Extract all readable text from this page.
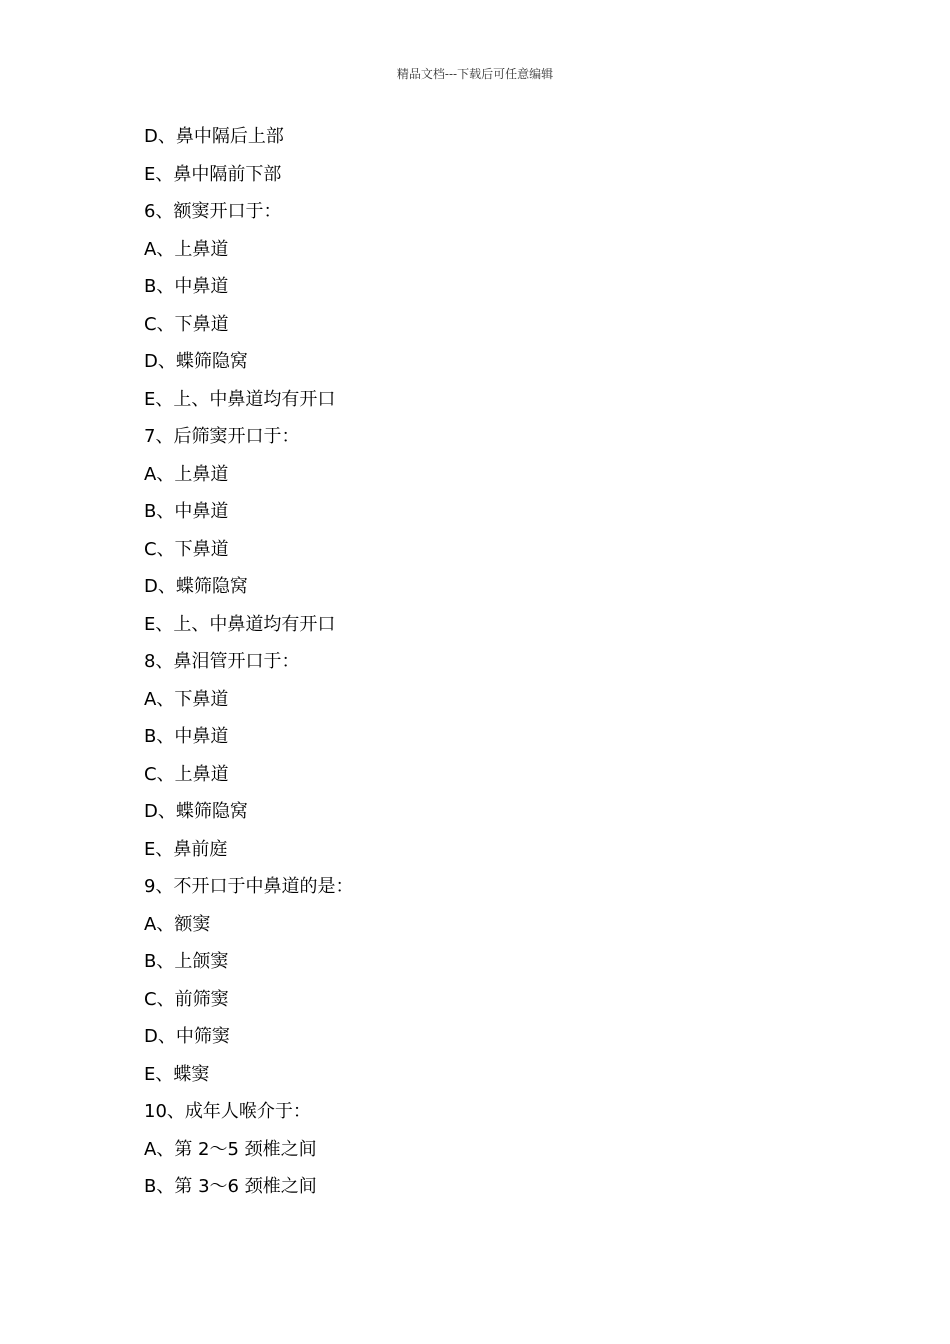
精品文档---下载后可任意编辑
D、鼻中隔后上部
E、鼻中隔前下部
6、额窦开口于：
A、上鼻道
B、中鼻道
C、下鼻道
D、蝶筛隐窝
E、上、中鼻道均有开口
7、后筛窦开口于：
A、上鼻道
B、中鼻道
C、下鼻道
D、蝶筛隐窝
E、上、中鼻道均有开口
8、鼻泪管开口于：
A、下鼻道
B、中鼻道
C、上鼻道
D、蝶筛隐窝
E、鼻前庭
9、不开口于中鼻道的是：
A、额窦
B、上颌窦
C、前筛窦
D、中筛窦
E、蝶窦
10、成年人喉介于：
A、第 2～5 颈椎之间
B、第 3～6 颈椎之间
